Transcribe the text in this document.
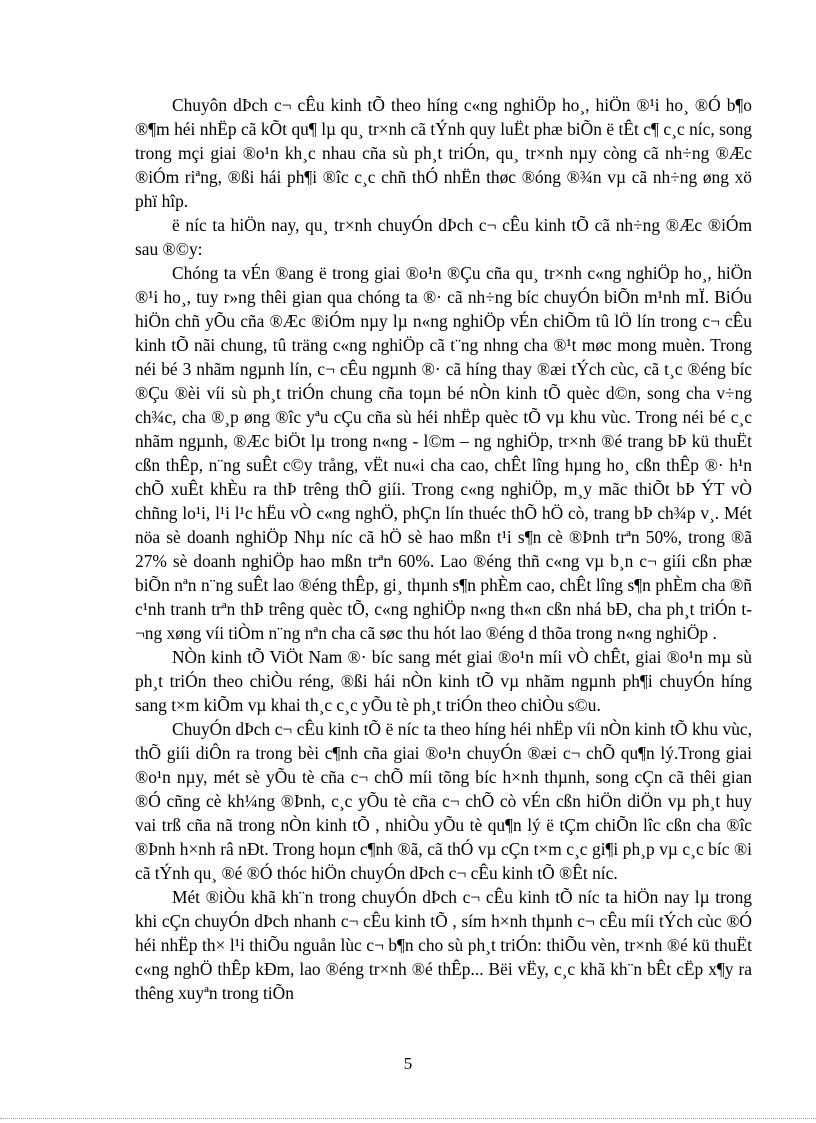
Chuyôn dÞch c¬ cÊu kinh tÕ theo híng c«ng nghiÖp ho¸, hiÖn ®¹i ho¸ ®Ó b¶o ®¶m héi nhËp cã kÕt qu¶ lµ qu¸ tr×nh cã tÝnh quy luËt phæ biÕn ë tÊt c¶ c¸c níc, song trong mçi giai ®o¹n kh¸c nhau cña sù ph¸t triÓn, qu¸ tr×nh nµy còng cã nh÷ng ®Æc ®iÓm riªng, ®ßi hái ph¶i ®îc c¸c chñ thÓ nhËn thøc ®óng ®¾n vµ cã nh÷ng øng xö phï hîp.

ë níc ta hiÖn nay, qu¸ tr×nh chuyÓn dÞch c¬ cÊu kinh tÕ cã nh÷ng ®Æc ®iÓm sau ®©y:

Chóng ta vÉn ®ang ë trong giai ®o¹n ®Çu cña qu¸ tr×nh c«ng nghiÖp ho¸, hiÖn ®¹i ho¸, tuy r»ng thêi gian qua chóng ta ®· cã nh÷ng bíc chuyÓn biÕn m¹nh mÏ. BiÓu hiÖn chñ yÕu cña ®Æc ®iÓm nµy lµ n«ng nghiÖp vÉn chiÕm tû lÖ lín trong c¬ cÊu kinh tÕ nãi chung, tû träng c«ng nghiÖp cã t¨ng nhng cha ®¹t møc mong muèn. Trong néi bé 3 nhãm ngµnh lín, c¬ cÊu ngµnh ®· cã híng thay ®æi tÝch cùc, cã t¸c ®éng bíc ®Çu ®èi víi sù ph¸t triÓn chung cña toµn bé nÒn kinh tÕ quèc d©n, song cha v÷ng ch¾c, cha ®¸p øng ®îc yªu cÇu cña sù héi nhËp quèc tÕ vµ khu vùc. Trong néi bé c¸c nhãm ngµnh, ®Æc biÖt lµ trong n«ng - l©m – ng nghiÖp, tr×nh ®é trang bÞ kü thuËt cßn thÊp, n¨ng suÊt c©y trång, vËt nu«i cha cao, chÊt lîng hµng ho¸ cßn thÊp ®· h¹n chÕ xuÊt khÈu ra thÞ trêng thÕ giíi. Trong c«ng nghiÖp, m¸y mãc thiÕt bÞ ÝT vÒ chñng lo¹i, l¹i l¹c hËu vÒ c«ng nghÖ, phÇn lín thuéc thÕ hÖ cò, trang bÞ ch¾p v¸. Mét nöa sè doanh nghiÖp Nhµ níc cã hÖ sè hao mßn t¹i s¶n cè ®Þnh trªn 50%, trong ®ã 27% sè doanh nghiÖp hao mßn trªn 60%. Lao ®éng thñ c«ng vµ b¸n c¬ giíi cßn phæ biÕn nªn n¨ng suÊt lao ®éng thÊp, gi¸ thµnh s¶n phÈm cao, chÊt lîng s¶n phÈm cha ®ñ c¹nh tranh trªn thÞ trêng quèc tÕ, c«ng nghiÖp n«ng th«n cßn nhá bÐ, cha ph¸t triÓn t¬ng xøng víi tiÒm n¨ng nªn cha cã søc thu hót lao ®éng d thõa trong n«ng nghiÖp .

NÒn kinh tÕ ViÖt Nam ®· bíc sang mét giai ®o¹n míi vÒ chÊt, giai ®o¹n mµ sù ph¸t triÓn theo chiÒu réng, ®ßi hái nÒn kinh tÕ vµ nhãm ngµnh ph¶i chuyÓn híng sang t×m kiÕm vµ khai th¸c c¸c yÕu tè ph¸t triÓn theo chiÒu s©u.

ChuyÓn dÞch c¬ cÊu kinh tÕ ë níc ta theo híng héi nhËp víi nÒn kinh tÕ khu vùc, thÕ giíi diÔn ra trong bèi c¶nh cña giai ®o¹n chuyÓn ®æi c¬ chÕ qu¶n lý.Trong giai ®o¹n nµy, mét sè yÕu tè cña c¬ chÕ míi tõng bíc h×nh thµnh, song cÇn cã thêi gian ®Ó cñng cè kh¼ng ®Þnh, c¸c yÕu tè cña c¬ chÕ cò vÉn cßn hiÖn diÖn vµ ph¸t huy vai trß cña nã trong nÒn kinh tÕ , nhiÒu yÕu tè qu¶n lý ë tÇm chiÕn lîc cßn cha ®îc ®Þnh h×nh râ nÐt. Trong hoµn c¶nh ®ã, cã thÓ vµ cÇn t×m c¸c gi¶i ph¸p vµ c¸c bíc ®i cã tÝnh qu¸ ®é ®Ó thóc hiÖn chuyÓn dÞch c¬ cÊu kinh tÕ ®Êt níc.

Mét ®iÒu khã kh¨n trong chuyÓn dÞch c¬ cÊu kinh tÕ níc ta hiÖn nay lµ trong khi cÇn chuyÓn dÞch nhanh c¬ cÊu kinh tÕ , sím h×nh thµnh c¬ cÊu míi tÝch cùc ®Ó héi nhËp th× l¹i thiÕu nguån lùc c¬ b¶n cho sù ph¸t triÓn: thiÕu vèn, tr×nh ®é kü thuËt c«ng nghÖ thÊp kÐm, lao ®éng tr×nh ®é thÊp... Bëi vËy, c¸c khã kh¨n bÊt cËp x¶y ra thêng xuyªn trong tiÕn

5
